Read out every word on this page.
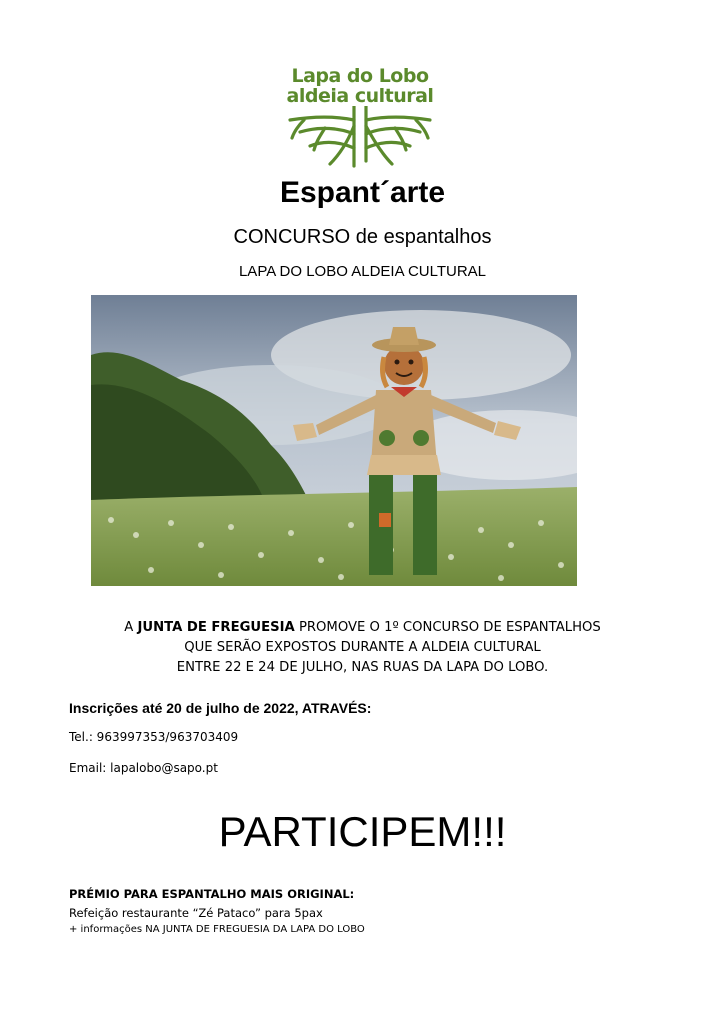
Lapa do Lobo
aldeia cultural
Espant´arte
CONCURSO de espantalhos
LAPA DO LOBO ALDEIA CULTURAL
A JUNTA DE FREGUESIA PROMOVE O 1º CONCURSO DE ESPANTALHOS
QUE SERÃO EXPOSTOS DURANTE A ALDEIA CULTURAL
ENTRE 22 E 24 DE JULHO, NAS RUAS DA LAPA DO LOBO.
Inscrições até 20 de julho de 2022, ATRAVÉS:
Tel.: 963997353/963703409
Email: lapalobo@sapo.pt
PARTICIPEM!!!
PRÉMIO PARA ESPANTALHO MAIS ORIGINAL:
Refeição restaurante “Zé Pataco” para 5pax
+ informações NA JUNTA DE FREGUESIA DA LAPA DO LOBO
